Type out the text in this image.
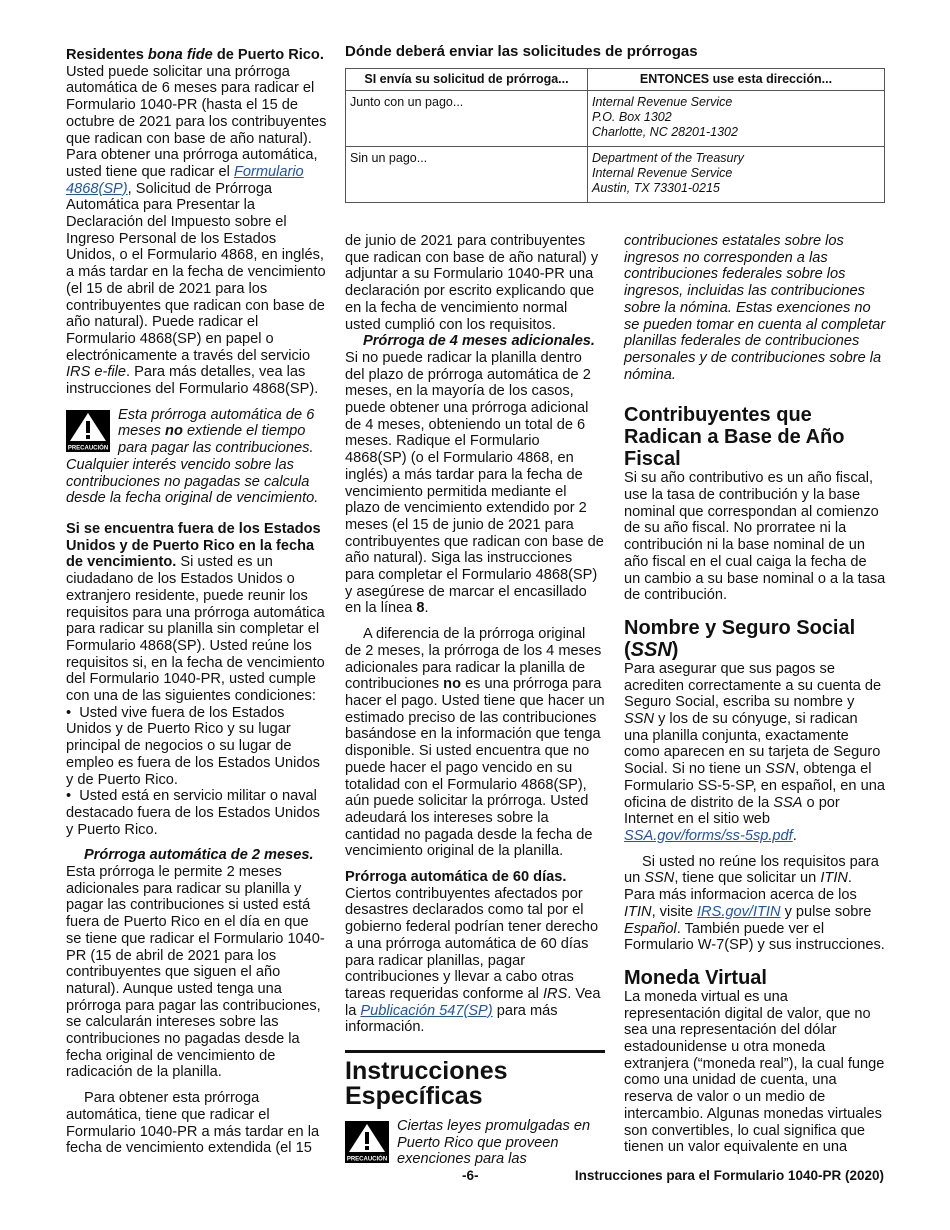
Residentes bona fide de Puerto Rico. Usted puede solicitar una prórroga automática de 6 meses para radicar el Formulario 1040-PR (hasta el 15 de octubre de 2021 para los contribuyentes que radican con base de año natural). Para obtener una prórroga automática, usted tiene que radicar el Formulario 4868(SP), Solicitud de Prórroga Automática para Presentar la Declaración del Impuesto sobre el Ingreso Personal de los Estados Unidos, o el Formulario 4868, en inglés, a más tardar en la fecha de vencimiento (el 15 de abril de 2021 para los contribuyentes que radican con base de año natural). Puede radicar el Formulario 4868(SP) en papel o electrónicamente a través del servicio IRS e-file. Para más detalles, vea las instrucciones del Formulario 4868(SP).

PRECAUCIÓN
Esta prórroga automática de 6 meses no extiende el tiempo para pagar las contribuciones. Cualquier interés vencido sobre las contribuciones no pagadas se calcula desde la fecha original de vencimiento.

Si se encuentra fuera de los Estados Unidos y de Puerto Rico en la fecha de vencimiento. Si usted es un ciudadano de los Estados Unidos o extranjero residente, puede reunir los requisitos para una prórroga automática para radicar su planilla sin completar el Formulario 4868(SP). Usted reúne los requisitos si, en la fecha de vencimiento del Formulario 1040-PR, usted cumple con una de las siguientes condiciones:

•  Usted vive fuera de los Estados Unidos y de Puerto Rico y su lugar principal de negocios o su lugar de empleo es fuera de los Estados Unidos y de Puerto Rico.
•  Usted está en servicio militar o naval destacado fuera de los Estados Unidos y Puerto Rico.

Prórroga automática de 2 meses.

Esta prórroga le permite 2 meses adicionales para radicar su planilla y pagar las contribuciones si usted está fuera de Puerto Rico en el día en que se tiene que radicar el Formulario 1040-PR (15 de abril de 2021 para los contribuyentes que siguen el año natural). Aunque usted tenga una prórroga para pagar las contribuciones, se calcularán intereses sobre las contribuciones no pagadas desde la fecha original de vencimiento de radicación de la planilla.

Para obtener esta prórroga automática, tiene que radicar el Formulario 1040-PR a más tardar en la fecha de vencimiento extendida (el 15

Dónde deberá enviar las solicitudes de prórrogas
SI envía su solicitud de prórroga...	ENTONCES use esta dirección...
Junto con un pago...	Internal Revenue Service
P.O. Box 1302
Charlotte, NC 28201-1302

Sin un pago...	Department of the Treasury
Internal Revenue Service
Austin, TX 73301-0215

de junio de 2021 para contribuyentes que radican con base de año natural) y adjuntar a su Formulario 1040-PR una declaración por escrito explicando que en la fecha de vencimiento normal usted cumplió con los requisitos.

Prórroga de 4 meses adicionales. Si no puede radicar la planilla dentro del plazo de prórroga automática de 2 meses, en la mayoría de los casos, puede obtener una prórroga adicional de 4 meses, obteniendo un total de 6 meses. Radique el Formulario 4868(SP) (o el Formulario 4868, en inglés) a más tardar para la fecha de vencimiento permitida mediante el plazo de vencimiento extendido por 2 meses (el 15 de junio de 2021 para contribuyentes que radican con base de año natural). Siga las instrucciones para completar el Formulario 4868(SP) y asegúrese de marcar el encasillado en la línea 8.

A diferencia de la prórroga original de 2 meses, la prórroga de los 4 meses adicionales para radicar la planilla de contribuciones no es una prórroga para hacer el pago. Usted tiene que hacer un estimado preciso de las contribuciones basándose en la información que tenga disponible. Si usted encuentra que no puede hacer el pago vencido en su totalidad con el Formulario 4868(SP), aún puede solicitar la prórroga. Usted adeudará los intereses sobre la cantidad no pagada desde la fecha de vencimiento original de la planilla.

Prórroga automática de 60 días. Ciertos contribuyentes afectados por desastres declarados como tal por el gobierno federal podrían tener derecho a una prórroga automática de 60 días para radicar planillas, pagar contribuciones y llevar a cabo otras tareas requeridas conforme al IRS. Vea la Publicación 547(SP) para más información.

Instrucciones Específicas
PRECAUCIÓN
Ciertas leyes promulgadas en Puerto Rico que proveen exenciones para las

contribuciones estatales sobre los ingresos no corresponden a las contribuciones federales sobre los ingresos, incluidas las contribuciones sobre la nómina. Estas exenciones no se pueden tomar en cuenta al completar planillas federales de contribuciones personales y de contribuciones sobre la nómina.

Contribuyentes que Radican a Base de Año Fiscal

Si su año contributivo es un año fiscal, use la tasa de contribución y la base nominal que correspondan al comienzo de su año fiscal. No prorratee ni la contribución ni la base nominal de un año fiscal en el cual caiga la fecha de un cambio a su base nominal o a la tasa de contribución.

Nombre y Seguro Social (SSN)

Para asegurar que sus pagos se acrediten correctamente a su cuenta de Seguro Social, escriba su nombre y SSN y los de su cónyuge, si radican una planilla conjunta, exactamente como aparecen en su tarjeta de Seguro Social. Si no tiene un SSN, obtenga el Formulario SS-5-SP, en español, en una oficina de distrito de la SSA o por Internet en el sitio web SSA.gov/forms/ss-5sp.pdf.

Si usted no reúne los requisitos para un SSN, tiene que solicitar un ITIN. Para más informacion acerca de los ITIN, visite IRS.gov/ITIN y pulse sobre Español. También puede ver el Formulario W-7(SP) y sus instrucciones.

Moneda Virtual

La moneda virtual es una representación digital de valor, que no sea una representación del dólar estadounidense u otra moneda extranjera (“moneda real”), la cual funge como una unidad de cuenta, una reserva de valor o un medio de intercambio. Algunas monedas virtuales son convertibles, lo cual significa que tienen un valor equivalente en una

-6-	Instrucciones para el Formulario 1040-PR (2020)
